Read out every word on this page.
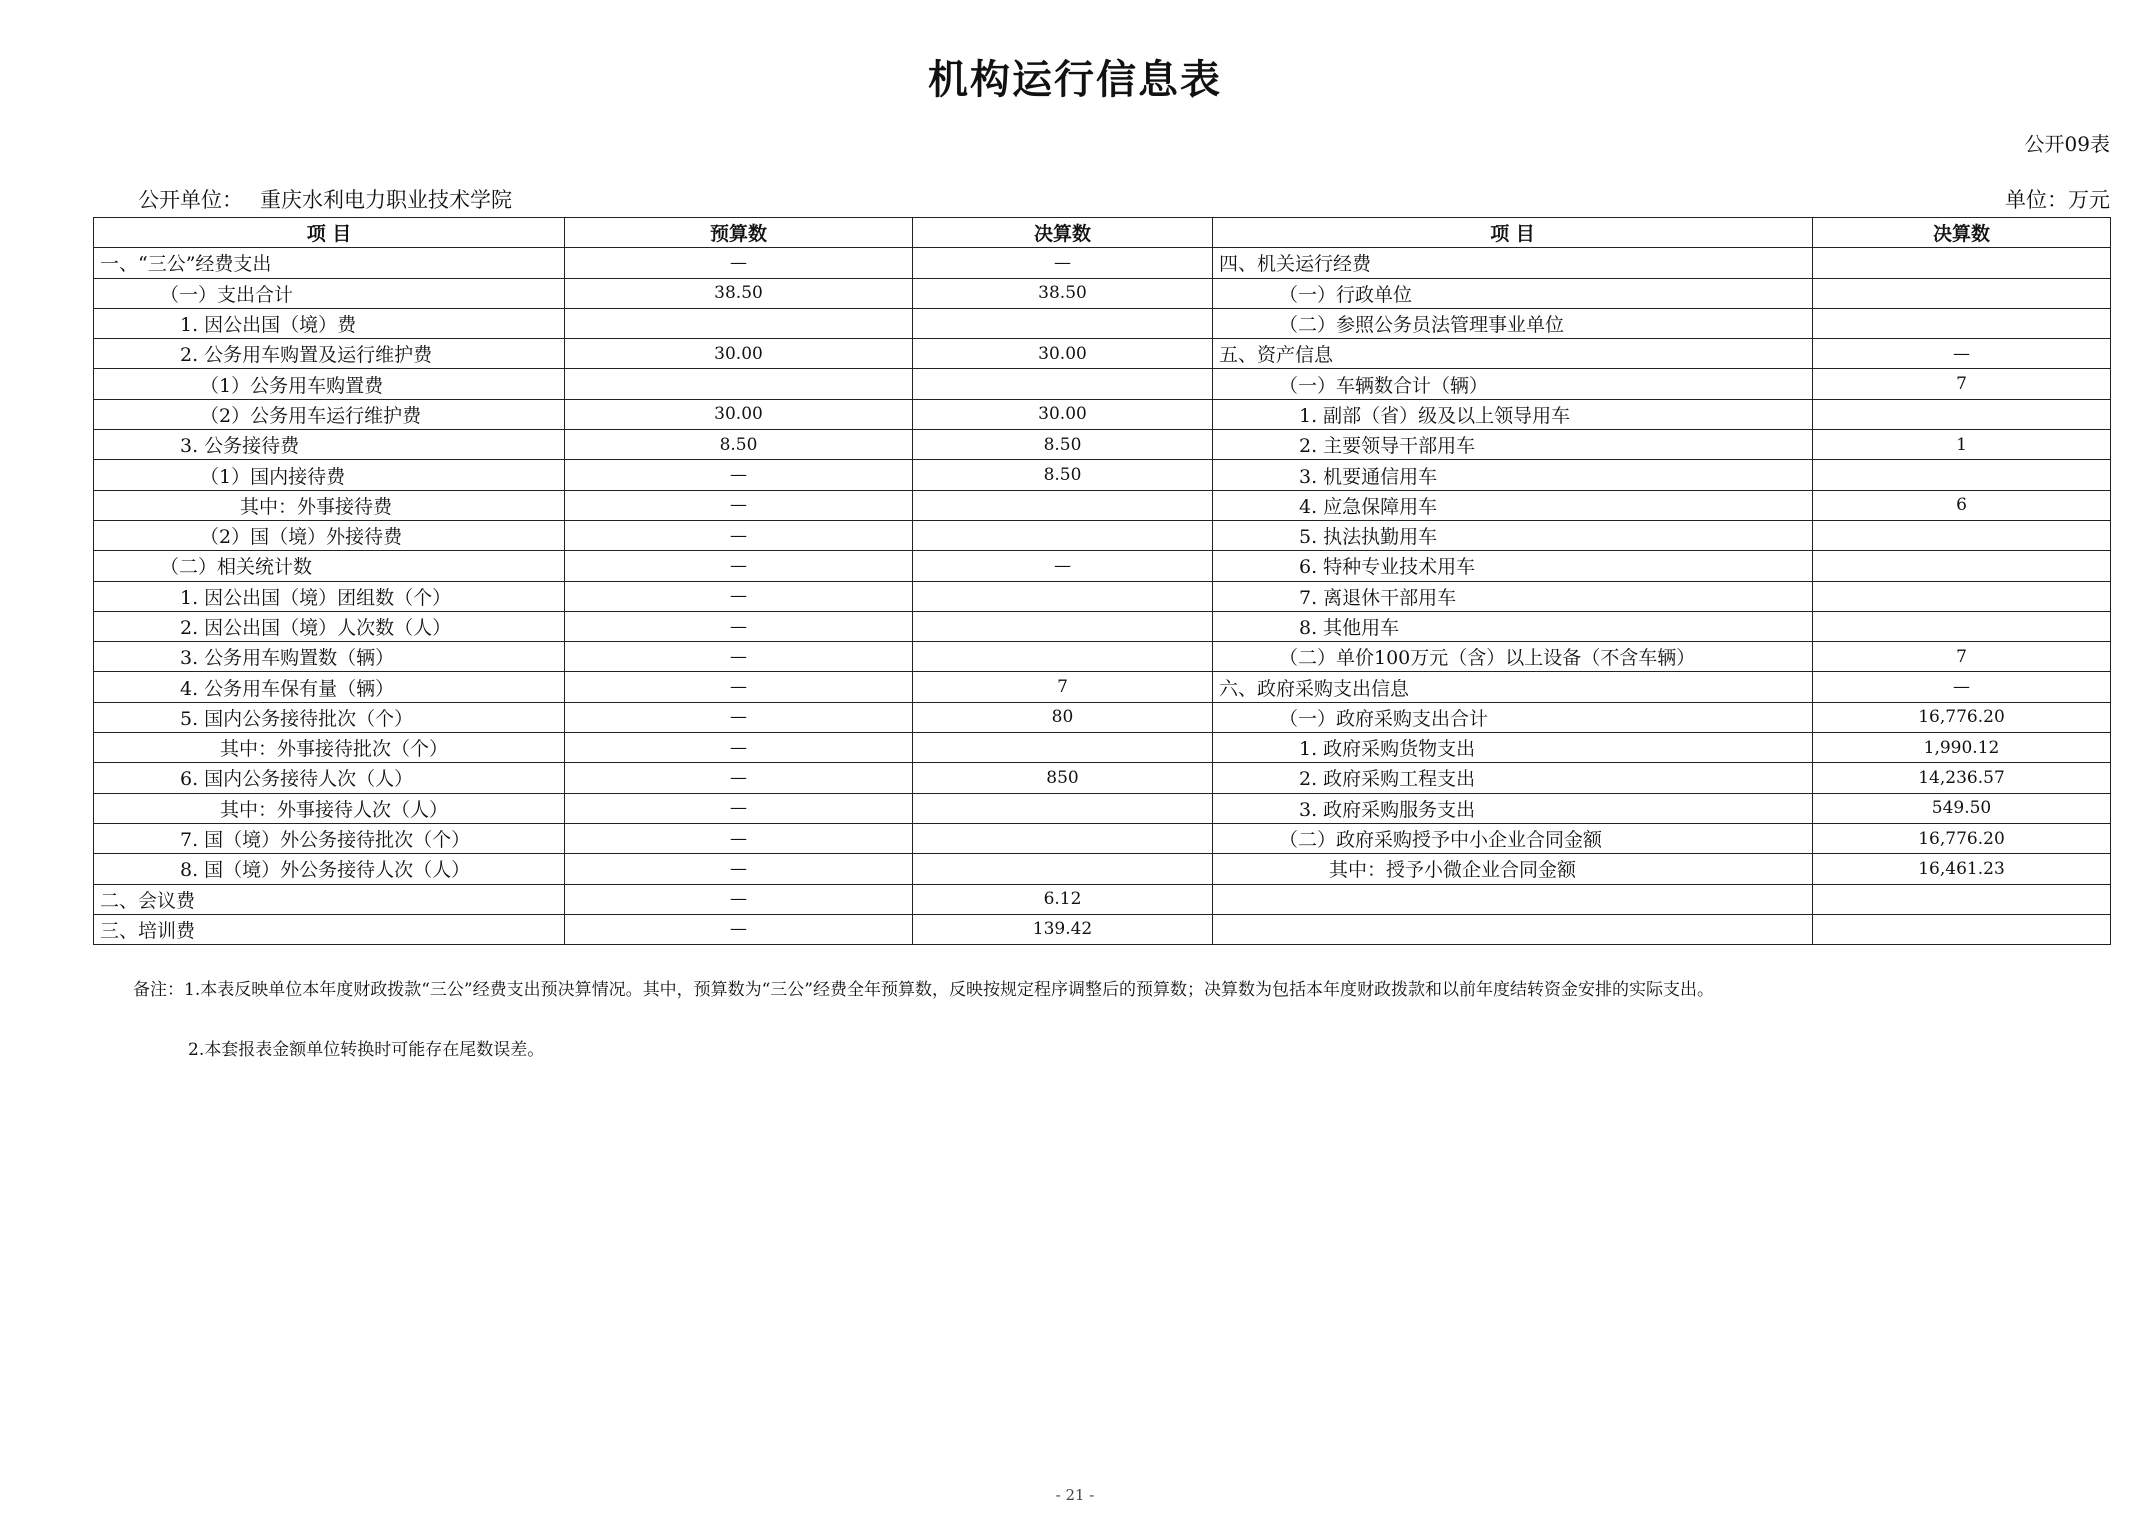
机构运行信息表
公开09表
公开单位： 重庆水利电力职业技术学院	单位：万元
项 目	预算数	决算数	项 目	决算数
一、“三公”经费支出	—	—	四、机关运行经费	
（一）支出合计	38.50	38.50	（一）行政单位	
1. 因公出国（境）费			（二）参照公务员法管理事业单位	
2. 公务用车购置及运行维护费	30.00	30.00	五、资产信息	—
（1）公务用车购置费			（一）车辆数合计（辆）	7
（2）公务用车运行维护费	30.00	30.00	1. 副部（省）级及以上领导用车	
3. 公务接待费	8.50	8.50	2. 主要领导干部用车	1
（1）国内接待费	—	8.50	3. 机要通信用车	
其中：外事接待费	—		4. 应急保障用车	6
（2）国（境）外接待费	—		5. 执法执勤用车	
（二）相关统计数	—	—	6. 特种专业技术用车	
1. 因公出国（境）团组数（个）	—		7. 离退休干部用车	
2. 因公出国（境）人次数（人）	—		8. 其他用车	
3. 公务用车购置数（辆）	—		（二）单价100万元（含）以上设备（不含车辆）	7
4. 公务用车保有量（辆）	—	7	六、政府采购支出信息	—
5. 国内公务接待批次（个）	—	80	（一）政府采购支出合计	16,776.20
其中：外事接待批次（个）	—		1. 政府采购货物支出	1,990.12
6. 国内公务接待人次（人）	—	850	2. 政府采购工程支出	14,236.57
其中：外事接待人次（人）	—		3. 政府采购服务支出	549.50
7. 国（境）外公务接待批次（个）	—		（二）政府采购授予中小企业合同金额	16,776.20
8. 国（境）外公务接待人次（人）	—		其中：授予小微企业合同金额	16,461.23
二、会议费	—	6.12		
三、培训费	—	139.42		
备注：1.本表反映单位本年度财政拨款“三公”经费支出预决算情况。其中，预算数为“三公”经费全年预算数，反映按规定程序调整后的预算数；决算数为包括本年度财政拨款和以前年度结转资金安排的实际支出。
2.本套报表金额单位转换时可能存在尾数误差。
- 21 -
